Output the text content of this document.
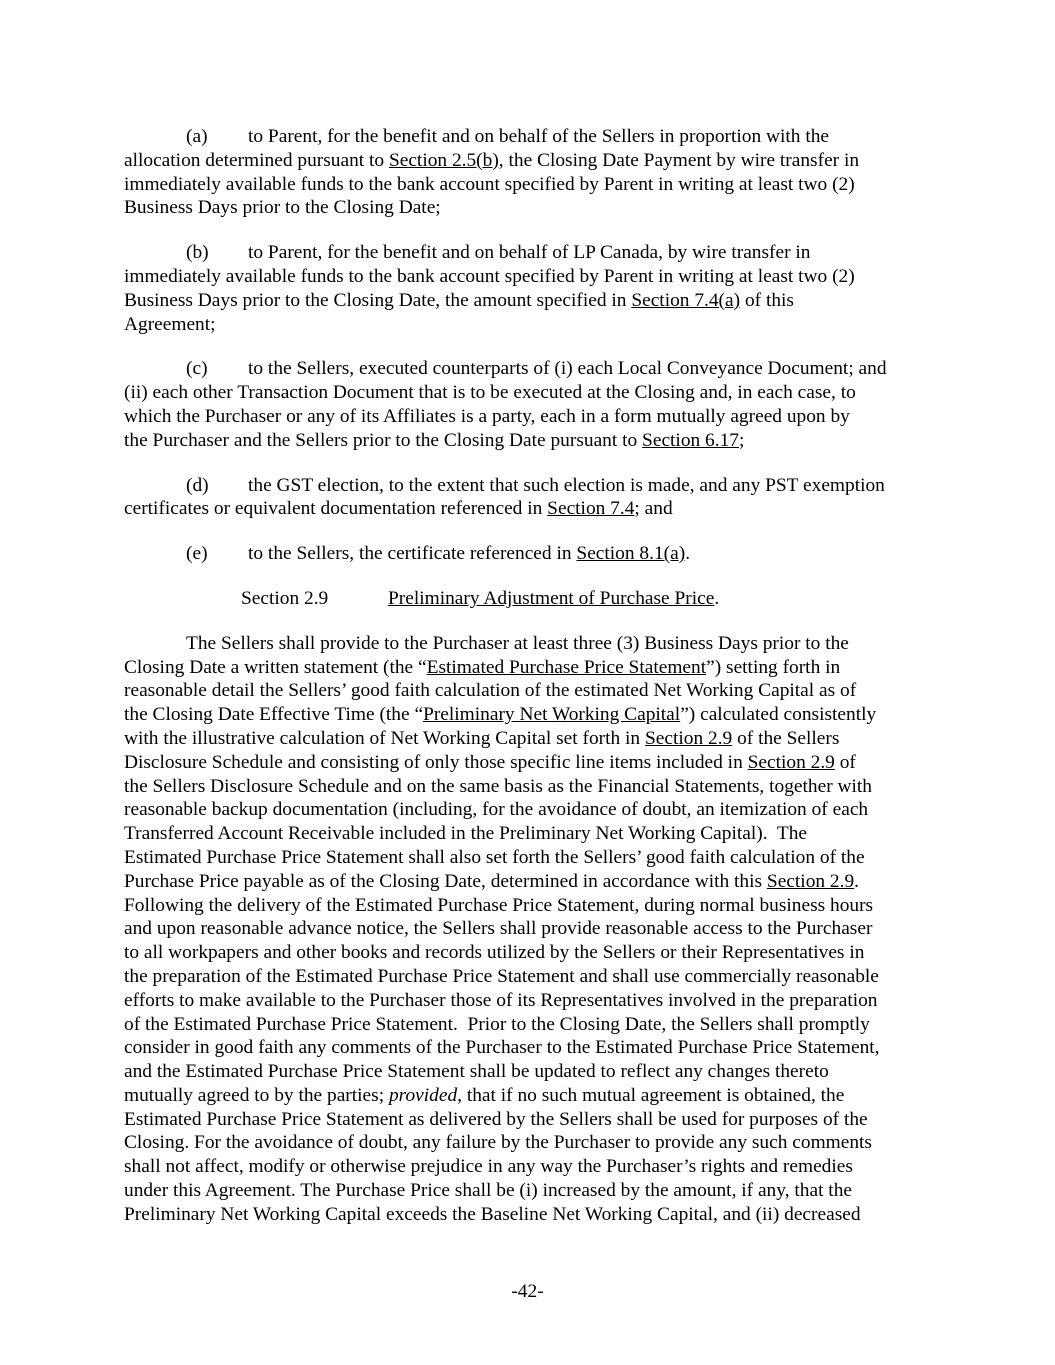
(a) to Parent, for the benefit and on behalf of the Sellers in proportion with the
allocation determined pursuant to Section 2.5(b), the Closing Date Payment by wire transfer in
immediately available funds to the bank account specified by Parent in writing at least two (2)
Business Days prior to the Closing Date;
(b) to Parent, for the benefit and on behalf of LP Canada, by wire transfer in
immediately available funds to the bank account specified by Parent in writing at least two (2)
Business Days prior to the Closing Date, the amount specified in Section 7.4(a) of this
Agreement;
(c) to the Sellers, executed counterparts of (i) each Local Conveyance Document; and
(ii) each other Transaction Document that is to be executed at the Closing and, in each case, to
which the Purchaser or any of its Affiliates is a party, each in a form mutually agreed upon by
the Purchaser and the Sellers prior to the Closing Date pursuant to Section 6.17;
(d) the GST election, to the extent that such election is made, and any PST exemption
certificates or equivalent documentation referenced in Section 7.4; and
(e) to the Sellers, the certificate referenced in Section 8.1(a).
Section 2.9	Preliminary Adjustment of Purchase Price.
The Sellers shall provide to the Purchaser at least three (3) Business Days prior to the
Closing Date a written statement (the “Estimated Purchase Price Statement”) setting forth in
reasonable detail the Sellers’ good faith calculation of the estimated Net Working Capital as of
the Closing Date Effective Time (the “Preliminary Net Working Capital”) calculated consistently
with the illustrative calculation of Net Working Capital set forth in Section 2.9 of the Sellers
Disclosure Schedule and consisting of only those specific line items included in Section 2.9 of
the Sellers Disclosure Schedule and on the same basis as the Financial Statements, together with
reasonable backup documentation (including, for the avoidance of doubt, an itemization of each
Transferred Account Receivable included in the Preliminary Net Working Capital).  The
Estimated Purchase Price Statement shall also set forth the Sellers’ good faith calculation of the
Purchase Price payable as of the Closing Date, determined in accordance with this Section 2.9.
Following the delivery of the Estimated Purchase Price Statement, during normal business hours
and upon reasonable advance notice, the Sellers shall provide reasonable access to the Purchaser
to all workpapers and other books and records utilized by the Sellers or their Representatives in
the preparation of the Estimated Purchase Price Statement and shall use commercially reasonable
efforts to make available to the Purchaser those of its Representatives involved in the preparation
of the Estimated Purchase Price Statement.  Prior to the Closing Date, the Sellers shall promptly
consider in good faith any comments of the Purchaser to the Estimated Purchase Price Statement,
and the Estimated Purchase Price Statement shall be updated to reflect any changes thereto
mutually agreed to by the parties; provided, that if no such mutual agreement is obtained, the
Estimated Purchase Price Statement as delivered by the Sellers shall be used for purposes of the
Closing. For the avoidance of doubt, any failure by the Purchaser to provide any such comments
shall not affect, modify or otherwise prejudice in any way the Purchaser’s rights and remedies
under this Agreement. The Purchase Price shall be (i) increased by the amount, if any, that the
Preliminary Net Working Capital exceeds the Baseline Net Working Capital, and (ii) decreased
-42-
